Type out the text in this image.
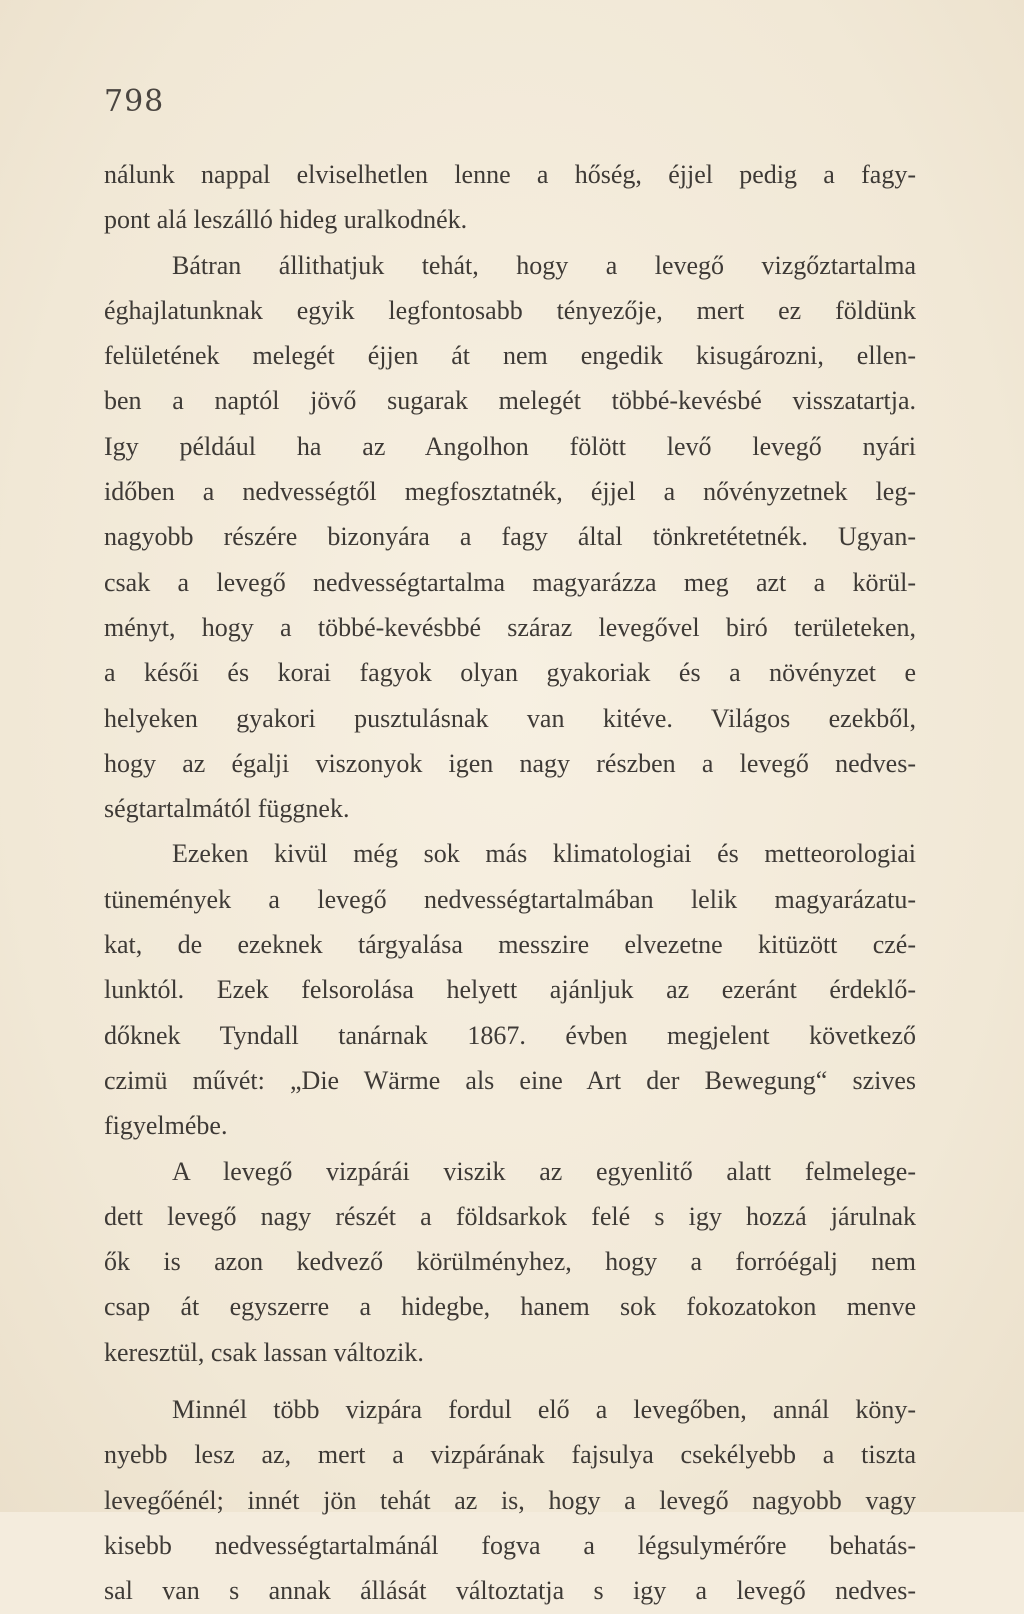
798
nálunk nappal elviselhetlen lenne a hőség, éjjel pedig a fagy-
pont alá leszálló hideg uralkodnék.
Bátran állithatjuk tehát, hogy a levegő vizgőztartalma
éghajlatunknak egyik legfontosabb tényezője, mert ez földünk
felületének melegét éjjen át nem engedik kisugározni, ellen-
ben a naptól jövő sugarak melegét többé-kevésbé visszatartja.
Igy például ha az Angolhon fölött levő levegő nyári
időben a nedvességtől megfosztatnék, éjjel a nővényzetnek leg-
nagyobb részére bizonyára a fagy által tönkretétetnék. Ugyan-
csak a levegő nedvességtartalma magyarázza meg azt a körül-
ményt, hogy a többé-kevésbbé száraz levegővel biró területeken,
a késői és korai fagyok olyan gyakoriak és a növényzet e
helyeken gyakori pusztulásnak van kitéve. Világos ezekből,
hogy az égalji viszonyok igen nagy részben a levegő nedves-
ségtartalmától függnek.
Ezeken kivül még sok más klimatologiai és metteorologiai
tünemények a levegő nedvességtartalmában lelik magyarázatu-
kat, de ezeknek tárgyalása messzire elvezetne kitüzött czé-
lunktól. Ezek felsorolása helyett ajánljuk az ezeránt érdeklő-
dőknek Tyndall tanárnak 1867. évben megjelent következő
czimü művét: „Die Wärme als eine Art der Bewegung“ szives
figyelmébe.
A levegő vizpárái viszik az egyenlitő alatt felmelege-
dett levegő nagy részét a földsarkok felé s igy hozzá járulnak
ők is azon kedvező körülményhez, hogy a forróégalj nem
csap át egyszerre a hidegbe, hanem sok fokozatokon menve
keresztül, csak lassan változik.
Minnél több vizpára fordul elő a levegőben, annál köny-
nyebb lesz az, mert a vizpárának fajsulya csekélyebb a tiszta
levegőénél; innét jön tehát az is, hogy a levegő nagyobb vagy
kisebb nedvességtartalmánál fogva a légsulymérőre behatás-
sal van s annak állását változtatja s igy a levegő nedves-
